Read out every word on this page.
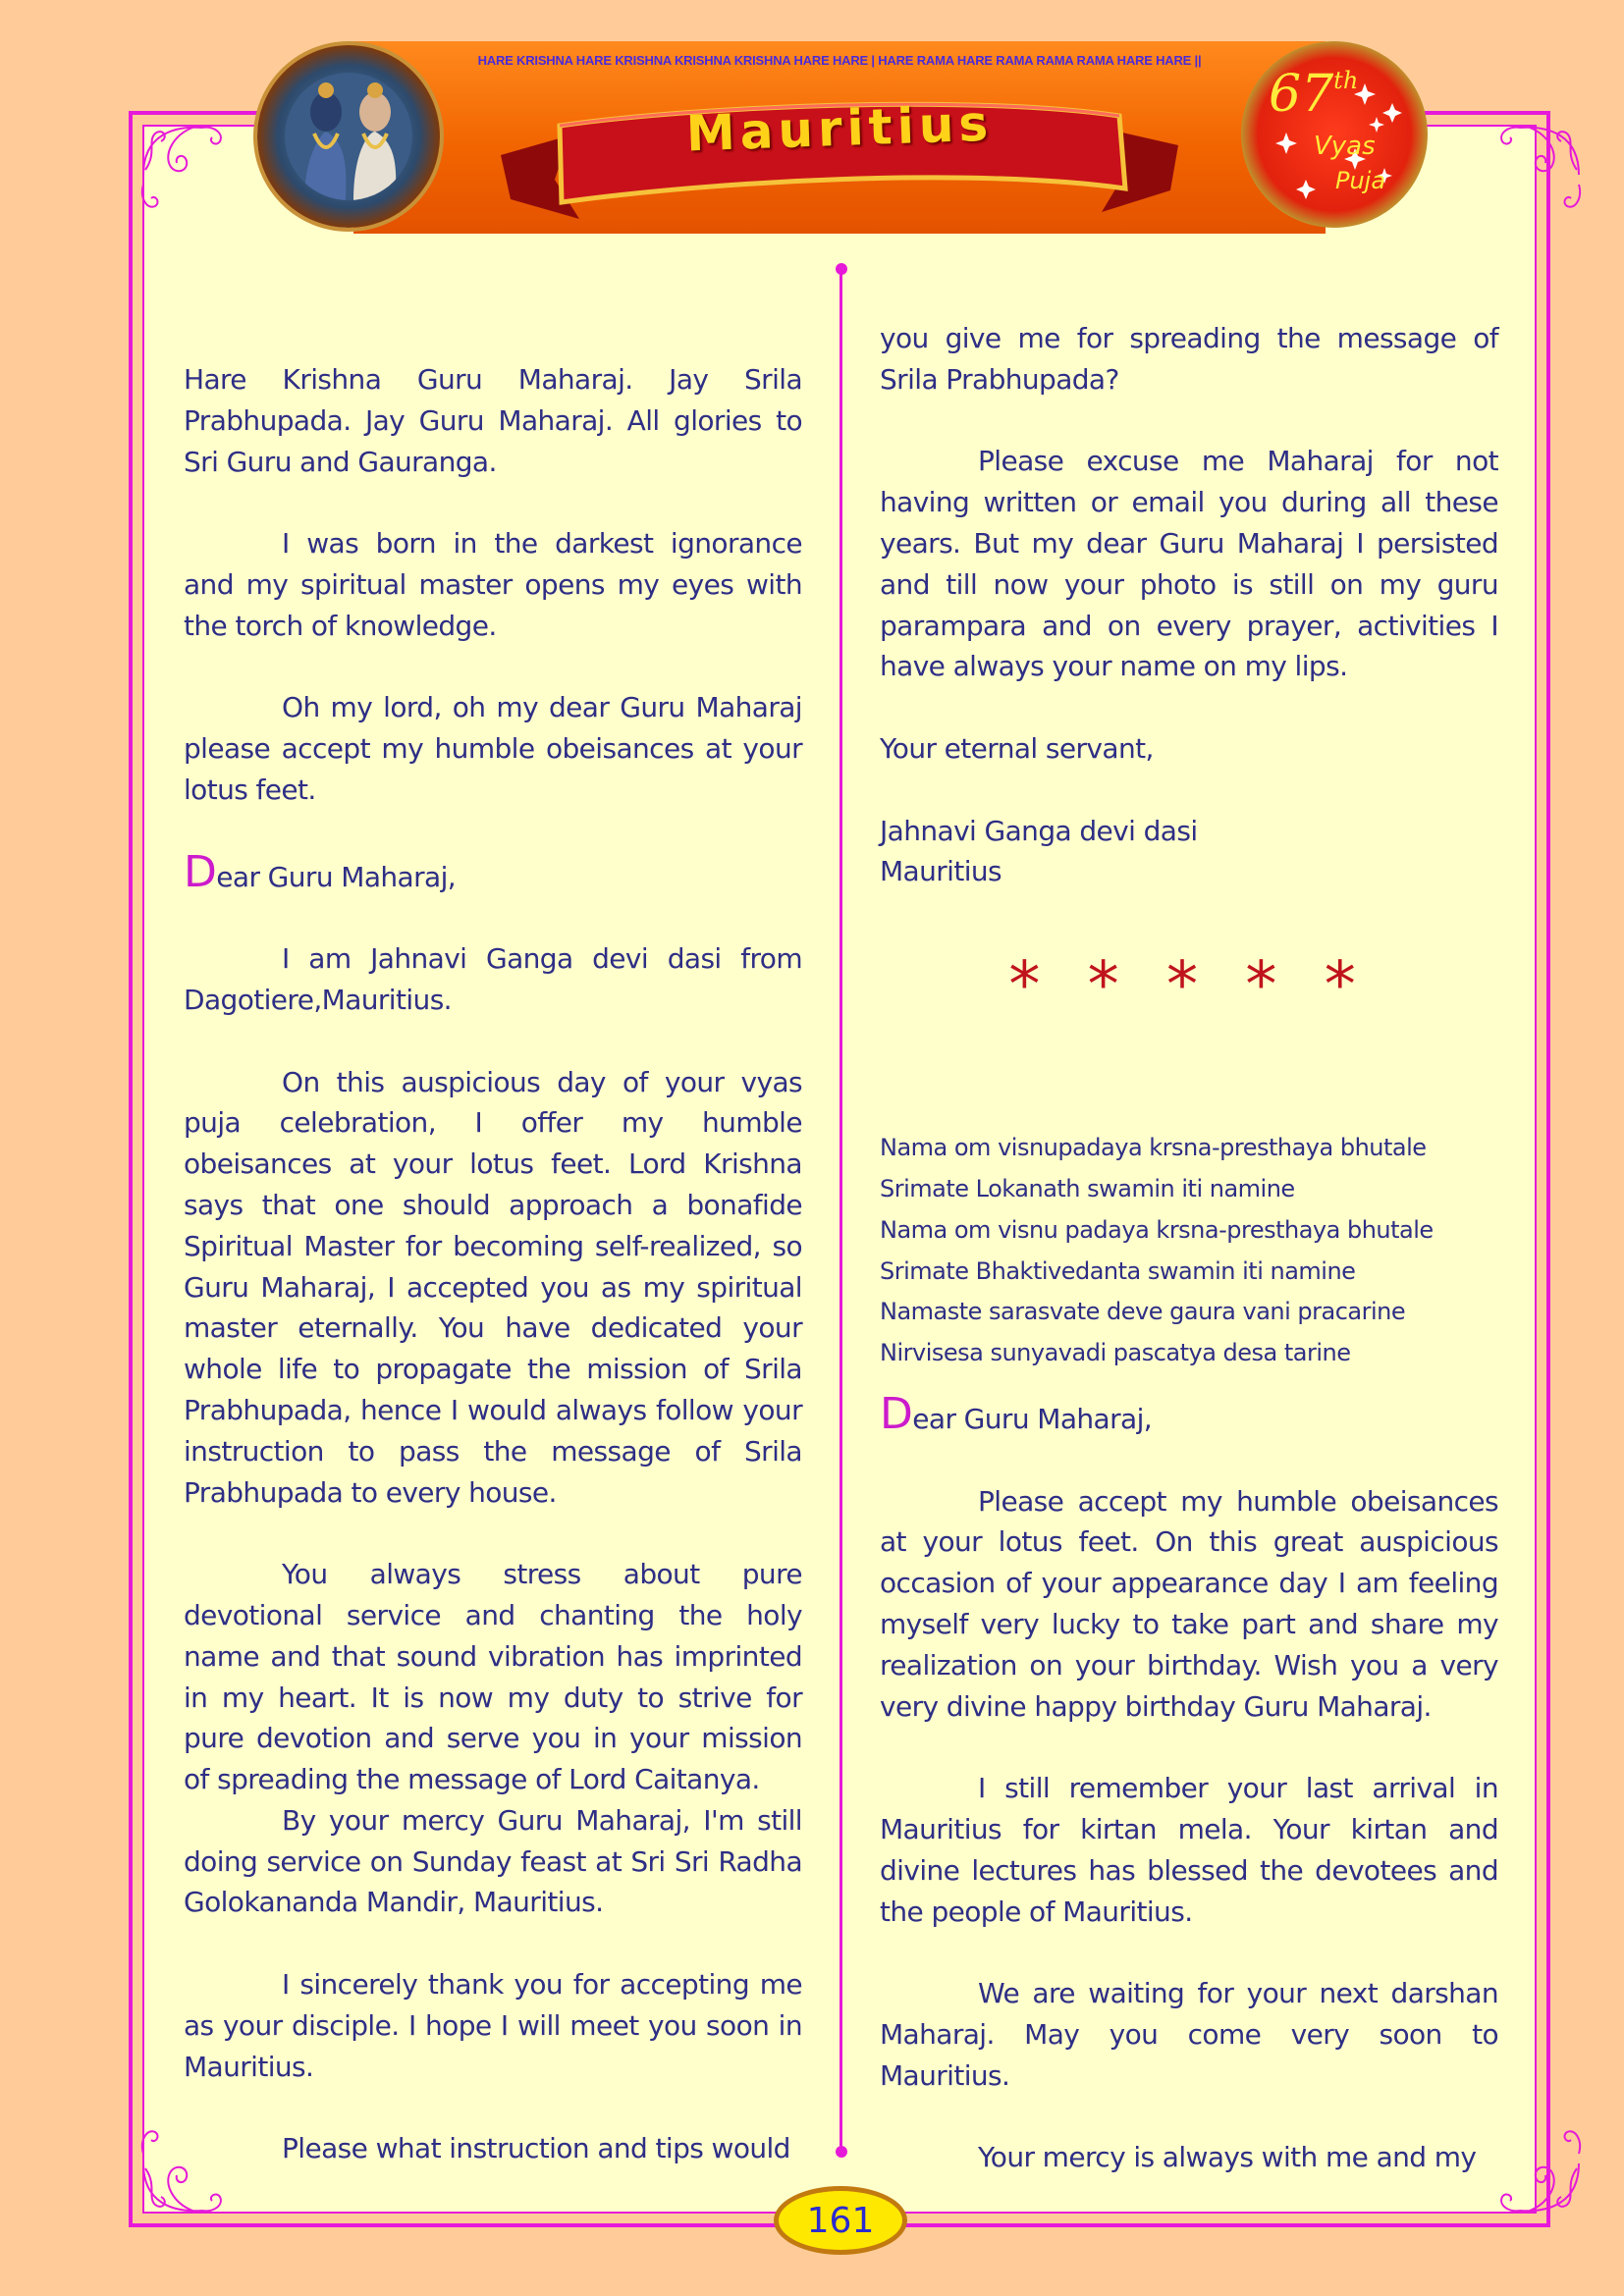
HARE KRISHNA HARE KRISHNA KRISHNA KRISHNA HARE HARE | HARE RAMA HARE RAMA RAMA RAMA HARE HARE ||
Mauritius
67th
Vyas
Puja

Hare Krishna Guru Maharaj. Jay Srila Prabhupada. Jay Guru Maharaj. All glories to Sri Guru and Gauranga.

I was born in the darkest ignorance and my spiritual master opens my eyes with the torch of knowledge.

Oh my lord, oh my dear Guru Maharaj please accept my humble obeisances at your lotus feet.

Dear Guru Maharaj,

I am Jahnavi Ganga devi dasi from Dagotiere,Mauritius.

On this auspicious day of your vyas puja celebration, I offer my humble obeisances at your lotus feet. Lord Krishna says that one should approach a bonafide Spiritual Master for becoming self-realized, so Guru Maharaj, I accepted you as my spiritual master eternally. You have dedicated your whole life to propagate the mission of Srila Prabhupada, hence I would always follow your instruction to pass the message of Srila Prabhupada to every house.

You always stress about pure devotional service and chanting the holy name and that sound vibration has imprinted in my heart. It is now my duty to strive for pure devotion and serve you in your mission of spreading the message of Lord Caitanya.

By your mercy Guru Maharaj, I'm still doing service on Sunday feast at Sri Sri Radha Golokananda Mandir, Mauritius.

I sincerely thank you for accepting me as your disciple. I hope I will meet you soon in Mauritius.

Please what instruction and tips would

you give me for spreading the message of Srila Prabhupada?

Please excuse me Maharaj for not having written or email you during all these years. But my dear Guru Maharaj I persisted and till now your photo is still on my guru parampara and on every prayer, activities I have always your name on my lips.

Your eternal servant,

Jahnavi Ganga devi dasi

Mauritius

* * * * *
Nama om visnupadaya krsna-presthaya bhutale
Srimate Lokanath swamin iti namine
Nama om visnu padaya krsna-presthaya bhutale
Srimate Bhaktivedanta swamin iti namine
Namaste sarasvate deve gaura vani pracarine
Nirvisesa sunyavadi pascatya desa tarine

Dear Guru Maharaj,

Please accept my humble obeisances at your lotus feet. On this great auspicious occasion of your appearance day I am feeling myself very lucky to take part and share my realization on your birthday. Wish you a very very divine happy birthday Guru Maharaj.

I still remember your last arrival in Mauritius for kirtan mela. Your kirtan and divine lectures has blessed the devotees and the people of Mauritius.

We are waiting for your next darshan Maharaj. May you come very soon to Mauritius.

Your mercy is always with me and my

161
